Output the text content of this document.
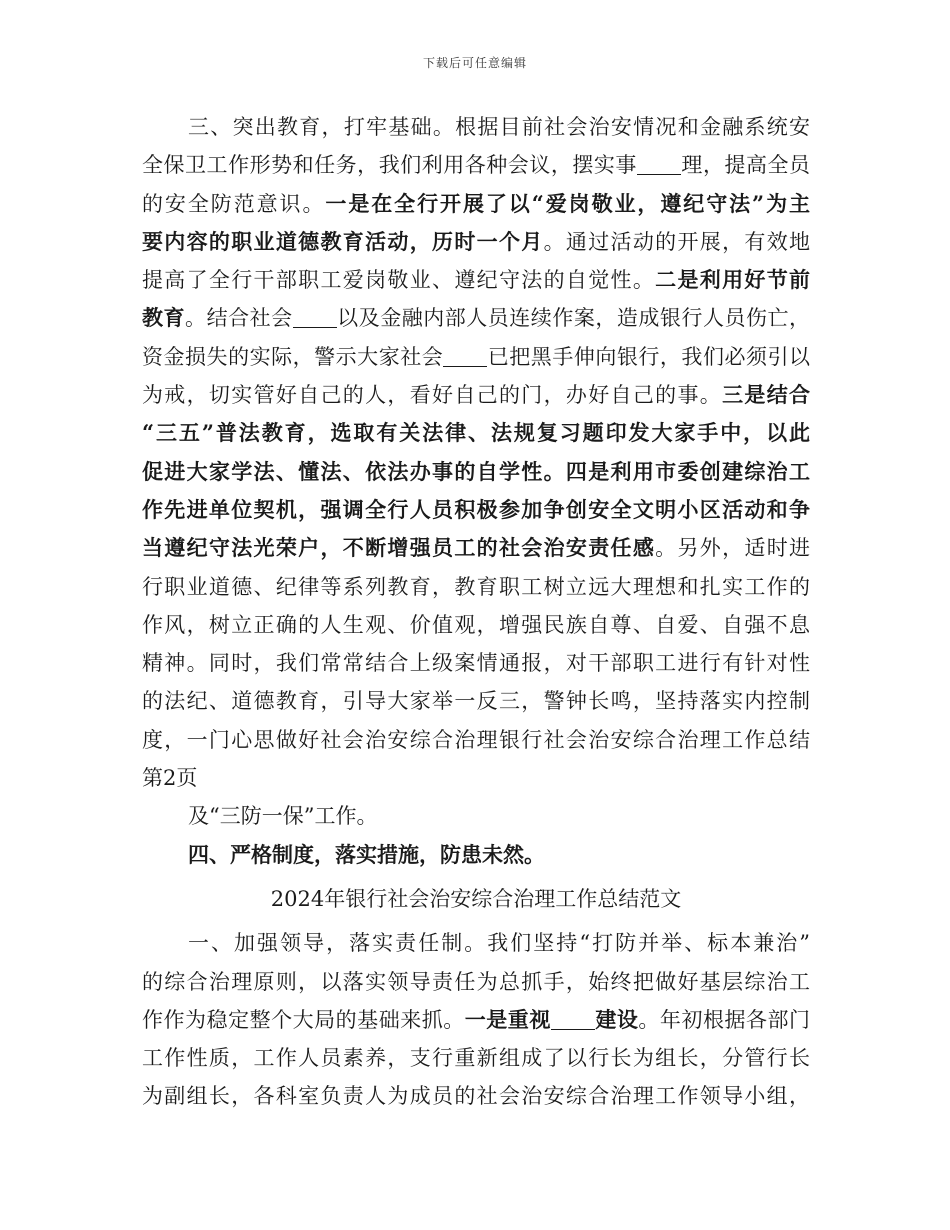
下载后可任意编辑
三、突出教育，打牢基础。根据目前社会治安情况和金融系统安
全保卫工作形势和任务，我们利用各种会议，摆实事 理，提高全员
的安全防范意识。一是在全行开展了以“爱岗敬业，遵纪守法”为主
要内容的职业道德教育活动，历时一个月。通过活动的开展，有效地
提高了全行干部职工爱岗敬业、遵纪守法的自觉性。二是利用好节前
教育。结合社会 以及金融内部人员连续作案，造成银行人员伤亡，
资金损失的实际，警示大家社会 已把黑手伸向银行，我们必须引以
为戒，切实管好自己的人，看好自己的门，办好自己的事。三是结合
“三五”普法教育，选取有关法律、法规复习题印发大家手中，以此
促进大家学法、懂法、依法办事的自学性。四是利用市委创建综治工
作先进单位契机，强调全行人员积极参加争创安全文明小区活动和争
当遵纪守法光荣户，不断增强员工的社会治安责任感。另外，适时进
行职业道德、纪律等系列教育，教育职工树立远大理想和扎实工作的
作风，树立正确的人生观、价值观，增强民族自尊、自爱、自强不息
精神。同时，我们常常结合上级案情通报，对干部职工进行有针对性
的法纪、道德教育，引导大家举一反三，警钟长鸣，坚持落实内控制
度，一门心思做好社会治安综合治理银行社会治安综合治理工作总结
第2页
及“三防一保”工作。
四、严格制度，落实措施，防患未然。
2024年银行社会治安综合治理工作总结范文
一、加强领导，落实责任制。我们坚持“打防并举、标本兼治”
的综合治理原则，以落实领导责任为总抓手，始终把做好基层综治工
作作为稳定整个大局的基础来抓。一是重视 建设。年初根据各部门
工作性质，工作人员素养，支行重新组成了以行长为组长，分管行长
为副组长，各科室负责人为成员的社会治安综合治理工作领导小组，
